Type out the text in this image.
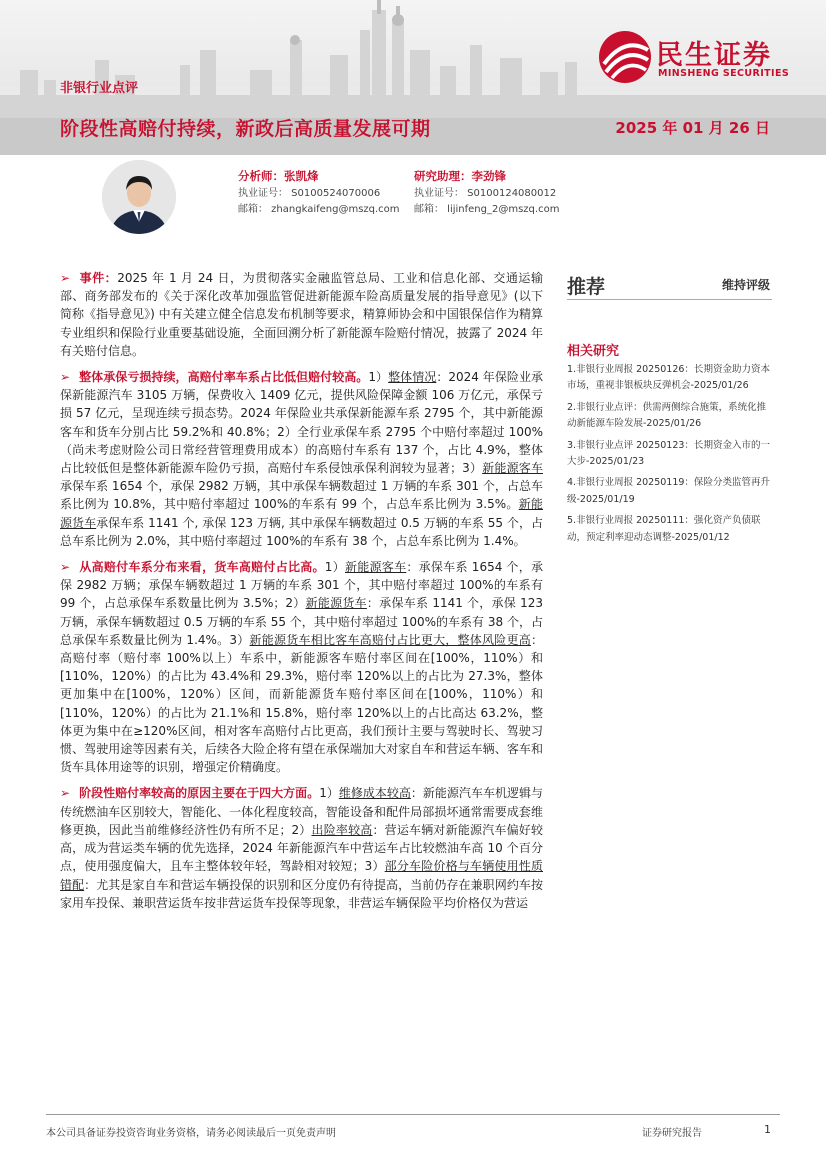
民生证券
MINSHENG SECURITIES
非银行业点评
阶段性高赔付持续，新政后高质量发展可期	2025 年 01 月 26 日
分析师：张凯烽
执业证号： S0100524070006
邮箱： zhangkaifeng@mszq.com
研究助理：李劲锋
执业证号： S0100124080012
邮箱： lijinfeng_2@mszq.com

➢ 事件：2025 年 1 月 24 日，为贯彻落实金融监管总局、工业和信息化部、交通运输部、商务部发布的《关于深化改革加强监管促进新能源车险高质量发展的指导意见》(以下简称《指导意见》) 中有关建立健全信息发布机制等要求，精算师协会和中国银保信作为精算专业组织和保险行业重要基础设施，全面回溯分析了新能源车险赔付情况，披露了 2024 年有关赔付信息。

➢ 整体承保亏损持续，高赔付率车系占比低但赔付较高。1）整体情况：2024 年保险业承保新能源汽车 3105 万辆，保费收入 1409 亿元，提供风险保障金额 106 万亿元，承保亏损 57 亿元，呈现连续亏损态势。2024 年保险业共承保新能源车系 2795 个，其中新能源客车和货车分别占比 59.2%和 40.8%；2）全行业承保车系 2795 个中赔付率超过 100%（尚未考虑财险公司日常经营管理费用成本）的高赔付车系有 137 个，占比 4.9%，整体占比较低但是整体新能源车险仍亏损，高赔付车系侵蚀承保利润较为显著；3）新能源客车承保车系 1654 个，承保 2982 万辆，其中承保车辆数超过 1 万辆的车系 301 个，占总车系比例为 10.8%，其中赔付率超过 100%的车系有 99 个，占总车系比例为 3.5%。新能源货车承保车系 1141 个, 承保 123 万辆, 其中承保车辆数超过 0.5 万辆的车系 55 个，占总车系比例为 2.0%，其中赔付率超过 100%的车系有 38 个，占总车系比例为 1.4%。

➢ 从高赔付车系分布来看，货车高赔付占比高。1）新能源客车：承保车系 1654 个，承保 2982 万辆；承保车辆数超过 1 万辆的车系 301 个，其中赔付率超过 100%的车系有 99 个，占总承保车系数量比例为 3.5%；2）新能源货车：承保车系 1141 个，承保 123 万辆，承保车辆数超过 0.5 万辆的车系 55 个，其中赔付率超过 100%的车系有 38 个，占总承保车系数量比例为 1.4%。3）新能源货车相比客车高赔付占比更大，整体风险更高：高赔付率（赔付率 100%以上）车系中，新能源客车赔付率区间在[100%，110%）和[110%，120%）的占比为 43.4%和 29.3%，赔付率 120%以上的占比为 27.3%，整体更加集中在[100%，120%）区间，而新能源货车赔付率区间在[100%，110%）和[110%，120%）的占比为 21.1%和 15.8%，赔付率 120%以上的占比高达 63.2%，整体更为集中在≥120%区间，相对客车高赔付占比更高，我们预计主要与驾驶时长、驾驶习惯、驾驶用途等因素有关，后续各大险企将有望在承保端加大对家自车和营运车辆、客车和货车具体用途等的识别，增强定价精确度。

➢ 阶段性赔付率较高的原因主要在于四大方面。1）维修成本较高：新能源汽车车机逻辑与传统燃油车区别较大，智能化、一体化程度较高，智能设备和配件局部损坏通常需要成套维修更换，因此当前维修经济性仍有所不足；2）出险率较高：营运车辆对新能源汽车偏好较高，成为营运类车辆的优先选择，2024 年新能源汽车中营运车占比较燃油车高 10 个百分点，使用强度偏大，且车主整体较年轻，驾龄相对较短；3）部分车险价格与车辆使用性质错配：尤其是家自车和营运车辆投保的识别和区分度仍有待提高，当前仍存在兼职网约车按家用车投保、兼职营运货车按非营运货车投保等现象，非营运车辆保险平均价格仅为营运

推荐	维持评级
相关研究
1.非银行业周报 20250126：长期资金助力资本市场，重视非银板块反弹机会-2025/01/26
2.非银行业点评：供需两侧综合施策，系统化推动新能源车险发展-2025/01/26
3.非银行业点评 20250123：长期资金入市的一大步-2025/01/23
4.非银行业周报 20250119：保险分类监管再升级-2025/01/19
5.非银行业周报 20250111：强化资产负债联动，预定利率迎动态调整-2025/01/12
本公司具备证券投资咨询业务资格，请务必阅读最后一页免责声明	证券研究报告	1
